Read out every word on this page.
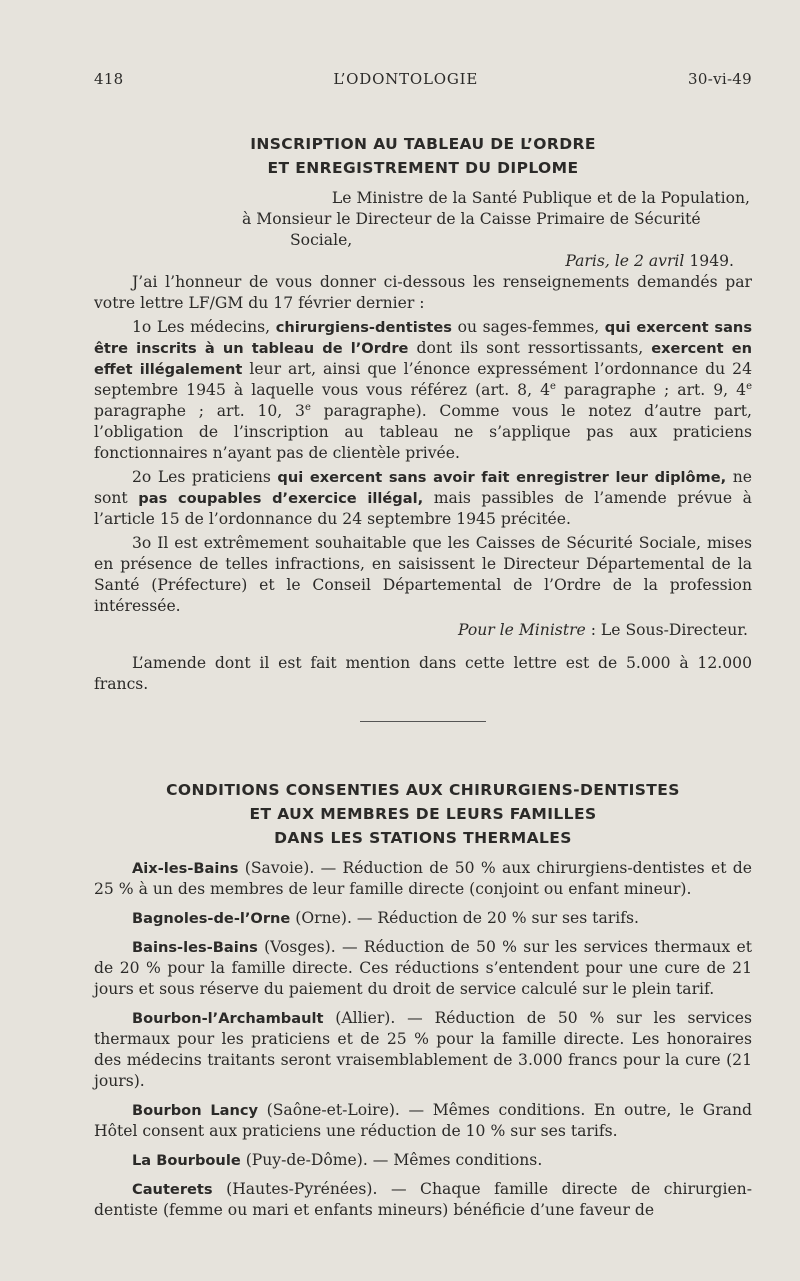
418	L’ODONTOLOGIE	30-vi-49
INSCRIPTION AU TABLEAU DE L’ORDRE
ET ENREGISTREMENT DU DIPLOME
Le Ministre de la Santé Publique et de la Population,
à Monsieur le Directeur de la Caisse Primaire de Sécurité
Sociale,
Paris, le 2 avril 1949.

J’ai l’honneur de vous donner ci-dessous les renseignements demandés par votre lettre LF/GM du 17 février dernier :

1o Les médecins, chirurgiens-dentistes ou sages-femmes, qui exercent sans être inscrits à un tableau de l’Ordre dont ils sont ressortissants, exercent en effet illégalement leur art, ainsi que l’énonce expressément l’ordonnance du 24 septembre 1945 à laquelle vous vous référez (art. 8, 4e paragraphe ; art. 9, 4e paragraphe ; art. 10, 3e paragraphe). Comme vous le notez d’autre part, l’obligation de l’inscription au tableau ne s’applique pas aux praticiens fonctionnaires n’ayant pas de clientèle privée.

2o Les praticiens qui exercent sans avoir fait enregistrer leur diplôme, ne sont pas coupables d’exercice illégal, mais passibles de l’amende prévue à l’article 15 de l’ordonnance du 24 septembre 1945 précitée.

3o Il est extrêmement souhaitable que les Caisses de Sécurité Sociale, mises en présence de telles infractions, en saisissent le Directeur Départemental de la Santé (Préfecture) et le Conseil Départemental de l’Ordre de la profession intéressée.

Pour le Ministre : Le Sous-Directeur.

L’amende dont il est fait mention dans cette lettre est de 5.000 à 12.000 francs.

CONDITIONS CONSENTIES AUX CHIRURGIENS-DENTISTES
ET AUX MEMBRES DE LEURS FAMILLES
DANS LES STATIONS THERMALES

Aix-les-Bains (Savoie). — Réduction de 50 % aux chirurgiens-dentistes et de 25 % à un des membres de leur famille directe (conjoint ou enfant mineur).

Bagnoles-de-l’Orne (Orne). — Réduction de 20 % sur ses tarifs.

Bains-les-Bains (Vosges). — Réduction de 50 % sur les services thermaux et de 20 % pour la famille directe. Ces réductions s’entendent pour une cure de 21 jours et sous réserve du paiement du droit de service calculé sur le plein tarif.

Bourbon-l’Archambault (Allier). — Réduction de 50 % sur les services thermaux pour les praticiens et de 25 % pour la famille directe. Les honoraires des médecins traitants seront vraisemblablement de 3.000 francs pour la cure (21 jours).

Bourbon Lancy (Saône-et-Loire). — Mêmes conditions. En outre, le Grand Hôtel consent aux praticiens une réduction de 10 % sur ses tarifs.

La Bourboule (Puy-de-Dôme). — Mêmes conditions.

Cauterets (Hautes-Pyrénées). — Chaque famille directe de chirurgien-dentiste (femme ou mari et enfants mineurs) bénéficie d’une faveur de
